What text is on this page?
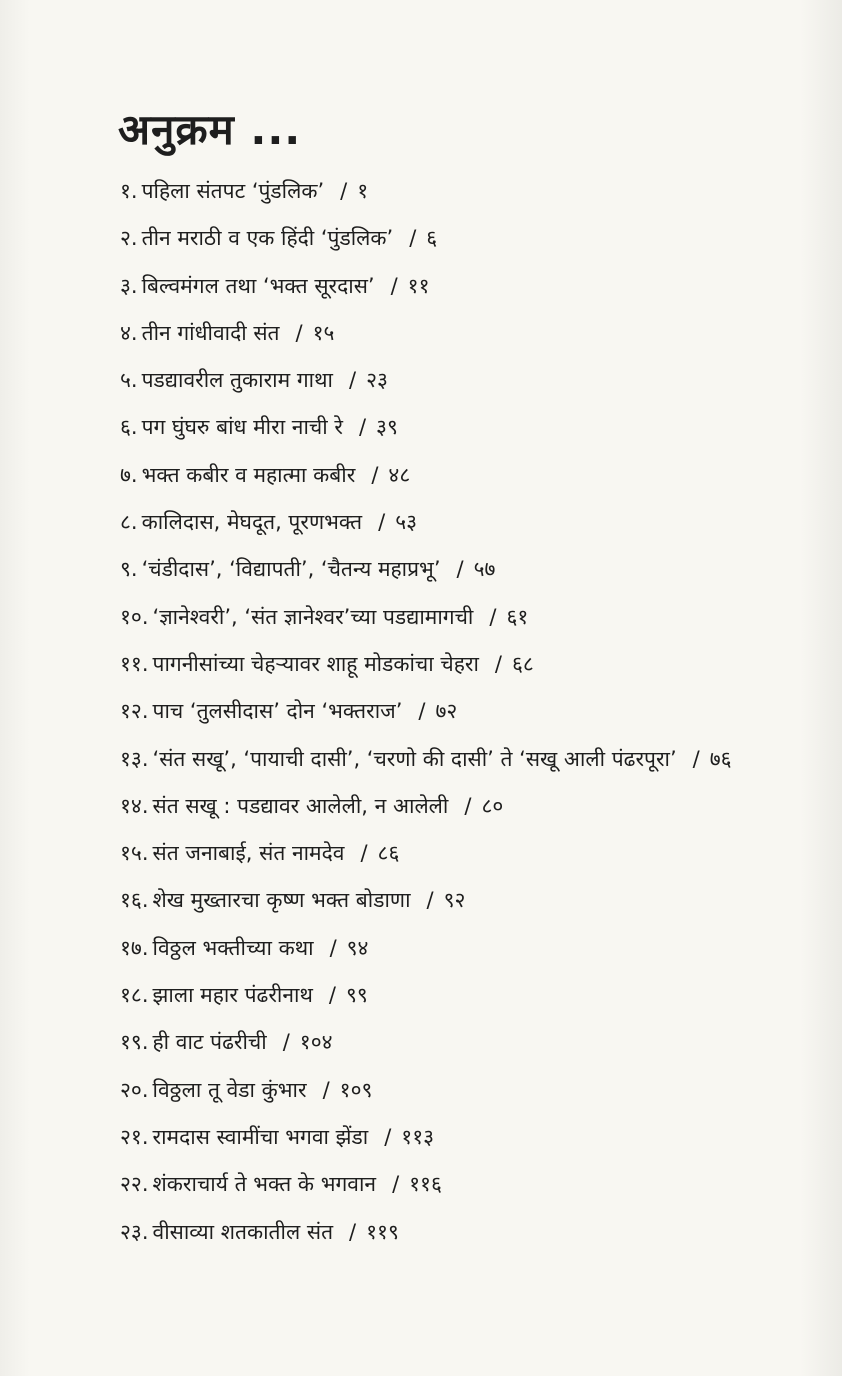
अनुक्रम ...
१. पहिला संतपट ‘पुंडलिक’ / १
२. तीन मराठी व एक हिंदी ‘पुंडलिक’ / ६
३. बिल्वमंगल तथा ‘भक्त सूरदास’ / ११
४. तीन गांधीवादी संत / १५
५. पडद्यावरील तुकाराम गाथा / २३
६. पग घुंघरु बांध मीरा नाची रे / ३९
७. भक्त कबीर व महात्मा कबीर / ४८
८. कालिदास, मेघदूत, पूरणभक्त / ५३
९. ‘चंडीदास’, ‘विद्यापती’, ‘चैतन्य महाप्रभू’ / ५७
१०. ‘ज्ञानेश्वरी’, ‘संत ज्ञानेश्वर’च्या पडद्यामागची / ६१
११. पागनीसांच्या चेहऱ्यावर शाहू मोडकांचा चेहरा / ६८
१२. पाच ‘तुलसीदास’ दोन ‘भक्तराज’ / ७२
१३. ‘संत सखू’, ‘पायाची दासी’, ‘चरणो की दासी’ ते ‘सखू आली पंढरपूरा’ / ७६
१४. संत सखू : पडद्यावर आलेली, न आलेली / ८०
१५. संत जनाबाई, संत नामदेव / ८६
१६. शेख मुख्तारचा कृष्ण भक्त बोडाणा / ९२
१७. विठ्ठल भक्तीच्या कथा / ९४
१८. झाला महार पंढरीनाथ / ९९
१९. ही वाट पंढरीची / १०४
२०. विठ्ठला तू वेडा कुंभार / १०९
२१. रामदास स्वामींचा भगवा झेंडा / ११३
२२. शंकराचार्य ते भक्त के भगवान / ११६
२३. वीसाव्या शतकातील संत / ११९
